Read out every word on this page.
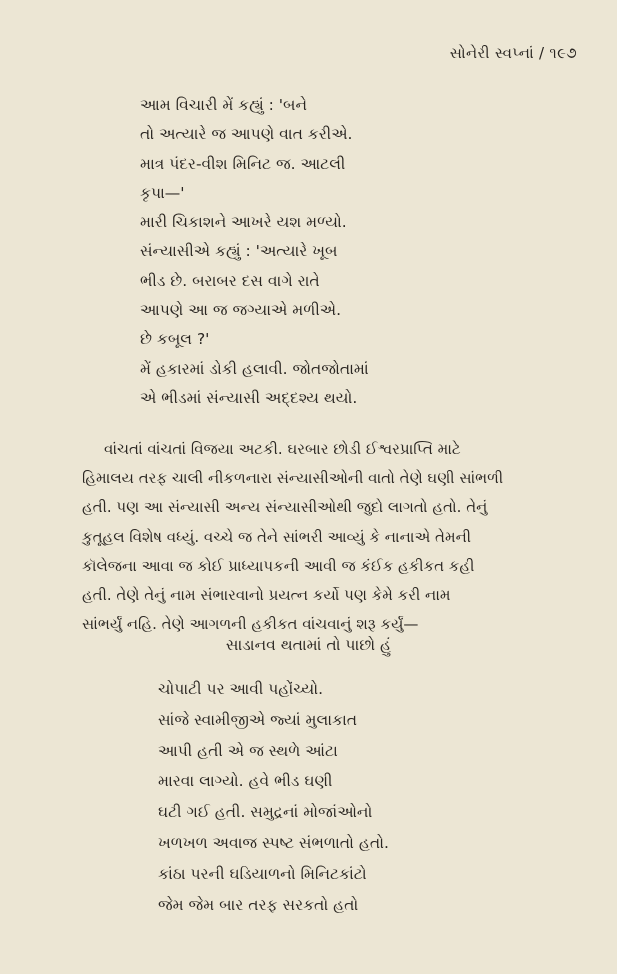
સોનેરી સ્વપ્નાં / ૧૯૭
આમ વિચારી મેં કહ્યું : 'બને
તો અત્યારે જ આપણે વાત કરીએ.
માત્ર પંદર-વીશ મિનિટ જ. આટલી
કૃપા—'
મારી ચિકાશને આખરે યશ મળ્યો.
સંન્યાસીએ કહ્યું : 'અત્યારે ખૂબ
ભીડ છે. બરાબર દસ વાગે રાતે
આપણે આ જ જગ્યાએ મળીએ.
છે કબૂલ ?'
મેં હકારમાં ડોકી હલાવી. જોતજોતામાં
એ ભીડમાં સંન્યાસી અદ્દશ્ય થયો.
વાંચતાં વાંચતાં વિજયા અટકી. ઘરબાર છોડી ઈશ્વરપ્રાપ્તિ માટે
હિમાલય તરફ ચાલી નીકળનારા સંન્યાસીઓની વાતો તેણે ઘણી સાંભળી
હતી. પણ આ સંન્યાસી અન્ય સંન્યાસીઓથી જુદો લાગતો હતો. તેનું
કુતૂહલ વિશેષ વધ્યું. વચ્ચે જ તેને સાંભરી આવ્યું કે નાનાએ તેમની
કૉલેજના આવા જ કોઈ પ્રાધ્યાપકની આવી જ કંઈક હકીકત કહી
હતી. તેણે તેનું નામ સંભારવાનો પ્રયત્ન કર્યો પણ કેમે કરી નામ
સાંભર્યું નહિ. તેણે આગળની હકીકત વાંચવાનું શરૂ કર્યું—
સાડાનવ થતામાં તો પાછો હું
ચોપાટી પર આવી પહોંચ્યો.
સાંજે સ્વામીજીએ જ્યાં મુલાકાત
આપી હતી એ જ સ્થળે આંટા
મારવા લાગ્યો. હવે ભીડ ઘણી
ઘટી ગઈ હતી. સમુદ્રનાં મોજાંઓનો
ખળખળ અવાજ સ્પષ્ટ સંભળાતો હતો.
કાંઠા પરની ઘડિયાળનો મિનિટકાંટો
જેમ જેમ બાર તરફ સરકતો હતો
